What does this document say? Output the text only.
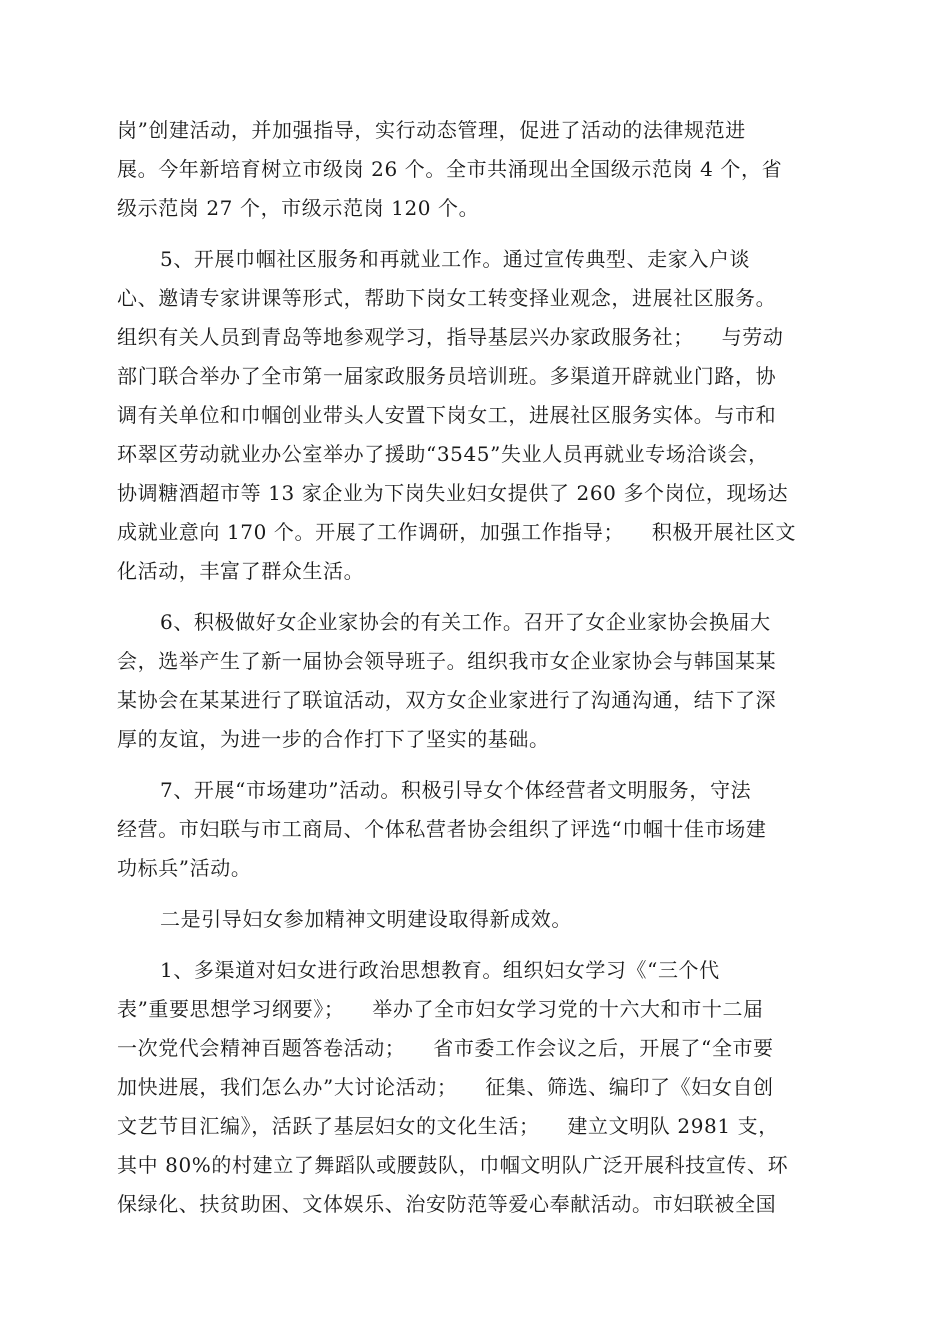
岗”创建活动，并加强指导，实行动态管理，促进了活动的法律规范进

展。今年新培育树立市级岗 26 个。全市共涌现出全国级示范岗 4 个，省

级示范岗 27 个，市级示范岗 120 个。

5、开展巾帼社区服务和再就业工作。通过宣传典型、走家入户谈

心、邀请专家讲课等形式，帮助下岗女工转变择业观念，进展社区服务。

组织有关人员到青岛等地参观学习，指导基层兴办家政服务社；    与劳动

部门联合举办了全市第一届家政服务员培训班。多渠道开辟就业门路，协

调有关单位和巾帼创业带头人安置下岗女工，进展社区服务实体。与市和

环翠区劳动就业办公室举办了援助“3545”失业人员再就业专场洽谈会，

协调糖酒超市等 13 家企业为下岗失业妇女提供了 260 多个岗位，现场达

成就业意向 170 个。开展了工作调研，加强工作指导；    积极开展社区文

化活动，丰富了群众生活。

6、积极做好女企业家协会的有关工作。召开了女企业家协会换届大

会，选举产生了新一届协会领导班子。组织我市女企业家协会与韩国某某

某协会在某某进行了联谊活动，双方女企业家进行了沟通沟通，结下了深

厚的友谊，为进一步的合作打下了坚实的基础。

7、开展“市场建功”活动。积极引导女个体经营者文明服务，守法

经营。市妇联与市工商局、个体私营者协会组织了评选“巾帼十佳市场建

功标兵”活动。

二是引导妇女参加精神文明建设取得新成效。

1、多渠道对妇女进行政治思想教育。组织妇女学习《“三个代

表”重要思想学习纲要》；    举办了全市妇女学习党的十六大和市十二届

一次党代会精神百题答卷活动；    省市委工作会议之后，开展了“全市要

加快进展，我们怎么办”大讨论活动；    征集、筛选、编印了《妇女自创

文艺节目汇编》，活跃了基层妇女的文化生活；    建立文明队 2981 支，

其中 80%的村建立了舞蹈队或腰鼓队，巾帼文明队广泛开展科技宣传、环

保绿化、扶贫助困、文体娱乐、治安防范等爱心奉献活动。市妇联被全国
